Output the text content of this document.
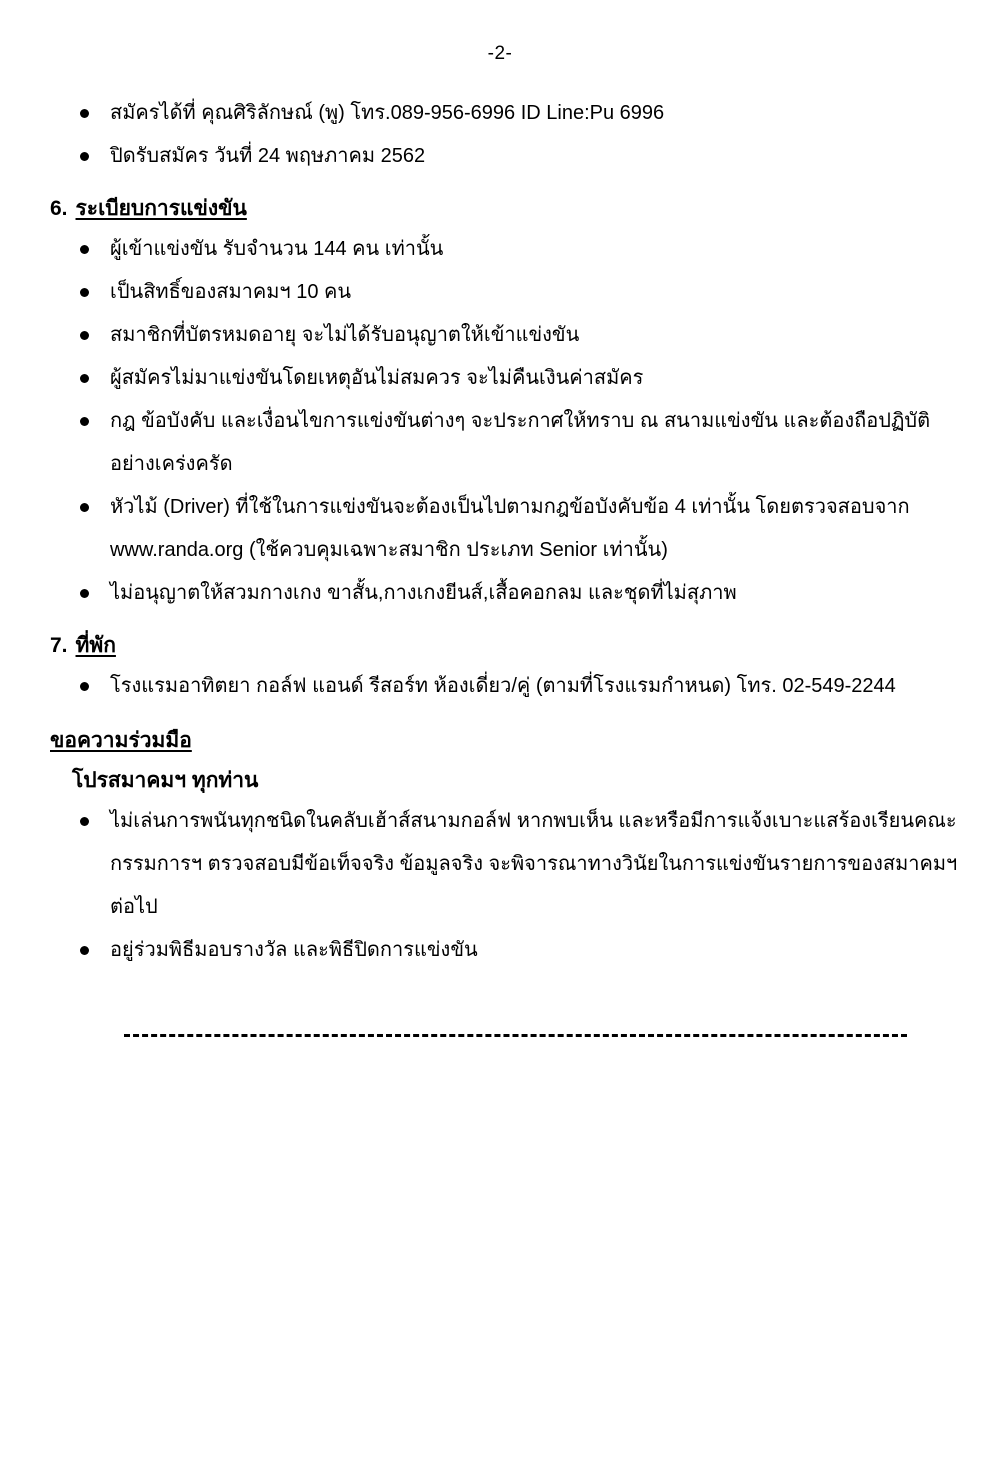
-2-
สมัครได้ที่ คุณศิริลักษณ์ (พู) โทร.089-956-6996 ID Line:Pu 6996
ปิดรับสมัคร วันที่ 24 พฤษภาคม 2562
6. ระเบียบการแข่งขัน
ผู้เข้าแข่งขัน รับจำนวน 144 คน เท่านั้น
เป็นสิทธิ์ของสมาคมฯ 10 คน
สมาชิกที่บัตรหมดอายุ จะไม่ได้รับอนุญาตให้เข้าแข่งขัน
ผู้สมัครไม่มาแข่งขันโดยเหตุอันไม่สมควร จะไม่คืนเงินค่าสมัคร
กฎ ข้อบังคับ และเงื่อนไขการแข่งขันต่างๆ จะประกาศให้ทราบ ณ สนามแข่งขัน และต้องถือปฏิบัติอย่างเคร่งครัด
หัวไม้ (Driver) ที่ใช้ในการแข่งขันจะต้องเป็นไปตามกฎข้อบังคับข้อ 4 เท่านั้น โดยตรวจสอบจาก www.randa.org (ใช้ควบคุมเฉพาะสมาชิก ประเภท Senior เท่านั้น)
ไม่อนุญาตให้สวมกางเกง ขาสั้น,กางเกงยีนส์,เสื้อคอกลม และชุดที่ไม่สุภาพ
7. ที่พัก
โรงแรมอาทิตยา กอล์ฟ แอนด์ รีสอร์ท ห้องเดี่ยว/คู่ (ตามที่โรงแรมกำหนด) โทร. 02-549-2244
ขอความร่วมมือ
โปรสมาคมฯ ทุกท่าน
ไม่เล่นการพนันทุกชนิดในคลับเฮ้าส์สนามกอล์ฟ หากพบเห็น และหรือมีการแจ้งเบาะแสร้องเรียนคณะกรรมการฯ ตรวจสอบมีข้อเท็จจริง ข้อมูลจริง จะพิจารณาทางวินัยในการแข่งขันรายการของสมาคมฯ ต่อไป
อยู่ร่วมพิธีมอบรางวัล และพิธีปิดการแข่งขัน
